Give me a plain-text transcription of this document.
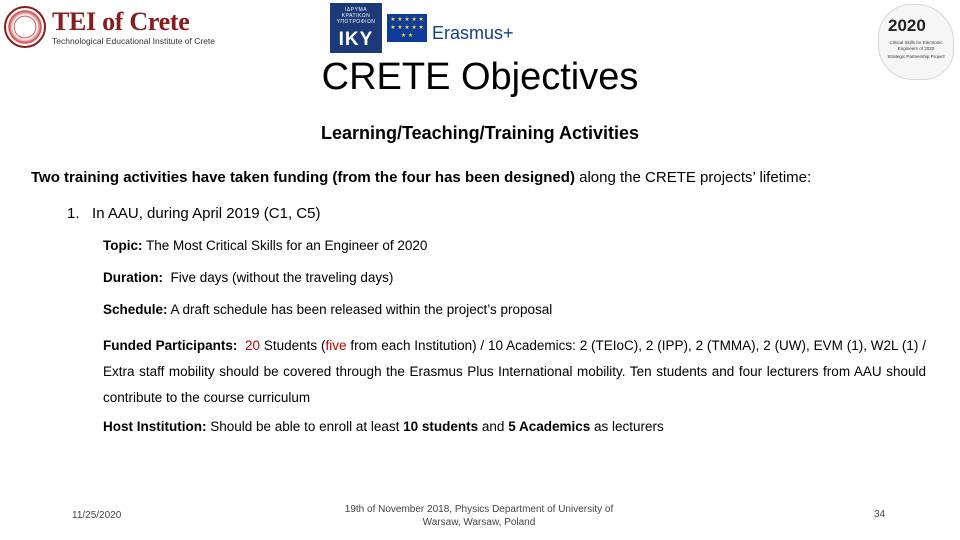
TEI of Crete
Technological Educational Institute of Crete
ΙΔΡΥΜΑ ΚΡΑΤΙΚΩΝ ΥΠΟΤΡΟΦΙΩΝ
IKY
★ ★ ★ ★ ★ ★ ★ ★ ★ ★ ★ ★	Erasmus+	2020
Critical Skills for Electronic
Engineers of 2020
Strategic Partnership Project
CRETE Objectives
Learning/Teaching/Training Activities
Two training activities have taken funding (from the four has been designed) along the CRETE projects’ lifetime:
1. In AAU, during April 2019 (C1, C5)
Topic: The Most Critical Skills for an Engineer of 2020
Duration:  Five days (without the traveling days)
Schedule: A draft schedule has been released within the project’s proposal
Funded Participants: 20 Students (five from each Institution) / 10 Academics: 2 (TEIoC), 2 (IPP), 2 (TMMA), 2 (UW), EVM (1), W2L (1) / Extra staff mobility should be covered through the Erasmus Plus International mobility. Ten students and four lecturers from AAU should contribute to the course curriculum
Host Institution: Should be able to enroll at least 10 students and 5 Academics as lecturers
11/25/2020
19th of November 2018, Physics Department of University of
Warsaw, Warsaw, Poland
34
